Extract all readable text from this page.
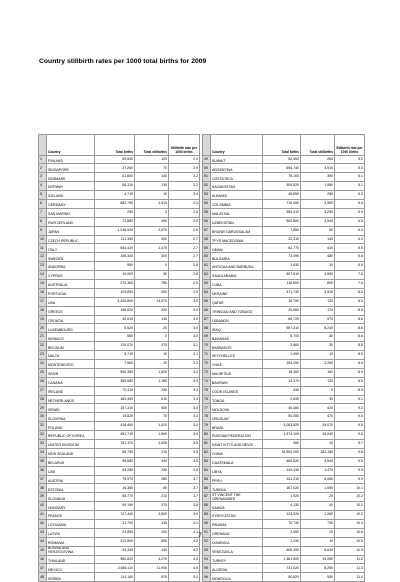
Country stillbirth rates per 1000 total births for 2009
	Country	Total births	Total stillbirths	Stillbirth rate per 1000 births
1	FINLAND	59,540	120	2.0
2	SINGAPORE	37,260	70	2.0
3	DENMARK	61,800	140	2.2
4	NORWAY	58,310	130	2.2
5	ICELAND	4,710	10	2.4
6	GERMANY	682,790	1,610	2.4
7	SAN MARINO	290	0	2.5
8	SWITZERLAND	72,880	190	2.5
9	JAPAN	1,016,920	2,670	2.6
10	CZECH REPUBLIC	111,330	300	2.7
11	ITALY	544,320	1,470	2.7
12	SWEDEN	108,340	300	2.7
13	ANDORRA	950	0	2.8
14	CYPRUS	10,000	30	2.8
15	AUSTRALIA	270,360	780	2.9
16	PORTUGAL	103,690	300	2.9
17	USA	4,425,800	13,070	3.0
18	GREECE	106,620	320	3.0
19	CROATIA	42,610	130	3.0
20	LUXEMBOURG	5,520	20	3.0
21	MONACO	850	0	3.0
22	BELGIUM	120,070	370	3.1
23	MALTA	3,710	10	3.1
24	MONTENEGRO	7,560	20	3.2
25	SPAIN	500,350	1,620	3.2
26	CANADA	359,080	1,180	3.3
27	IRELAND	70,110	230	3.3
28	NETHERLANDS	183,490	610	3.3
29	ISRAEL	157,310	530	3.4
30	SLOVENIA	19,820	70	3.4
31	POLAND	416,460	1,420	3.4
32	REPUBLIC OF KOREA	451,710	1,560	3.5
33	UNITED KINGDOM	751,370	2,630	3.5
34	NEW ZEALAND	58,790	210	3.5
35	BELARUS	96,680	340	3.5
36	UAE	63,280	230	3.6
37	AUSTRIA	75,970	280	3.7
38	ESTONIA	16,380	60	3.7
39	SLOVAKIA	55,770	210	3.7
40	HUNGARY	99,190	370	3.8
41	FRANCE	747,440	2,800	3.9
42	LITHUANIA	31,700	130	4.1
43	LATVIA	23,590	100	4.1
44	ROMANIA	212,800	890	4.2
45	BOSNIA AND HERZEGOVINA	34,340	140	4.2
46	THAILAND	980,820	4,270	4.4
47	MEXICO	2,636,110	11,940	4.5
48	SERBIA	114,160	570	5.0
	Country	Total births	Total stillbirths	Stillbirth rate per 1000 births
49	KUWAIT	52,400	260	5.0
50	ARGENTINA	694,740	3,510	5.0
51	COSTA RICA	76,100	390	5.1
52	KAZAKHSTAN	309,520	1,580	5.1
53	ALBANIA	46,850	250	5.3
54	COLOMBIA	715,450	3,950	5.5
55	MALAYSIA	553,410	3,290	5.9
56	UZBEKISTAN	562,800	3,540	6.3
57	BRUNEI DARUSSALAM	7,850	50	6.4
58	TFYR MACEDONIA	22,310	140	6.4
59	OMAN	62,770	410	6.5
60	BULGARIA	73,490	480	6.6
61	ANTIGUA AND BARBUDA	1,630	10	6.9
62	SAUDI ARABIA	597,810	4,550	7.6
63	CUBA	118,800	890	7.6
64	UKRAINE	471,730	3,920	8.3
65	QATAR	15,790	130	8.4
66	TRINIDAD AND TOBAGO	20,060	170	8.5
67	LEBANON	66,720	570	8.6
68	IRAQ	957,310	8,240	8.6
69	BAHAMAS	5,700	50	8.6
70	BARBADOS	2,860	30	8.8
71	SEYCHELLES	1,390	10	8.9
72	CHILE	254,290	2,260	8.9
73	MAURITIUS	18,360	160	8.9
74	BAHRAIN	14,370	130	8.9
75	COOK ISLANDS	430	0	8.9
76	TONGA	2,830	30	9.1
77	MOLDOVA	45,480	420	9.2
78	URUGUAY	50,450	470	9.3
79	BRAZIL	3,053,520	29,070	9.5
80	RUSSIAN FEDERATION	1,574,100	15,040	9.6
81	SAINT KITTS AND NEVIS	960	10	9.7
82	CHINA	18,500,000	182,150	9.8
83	GUATEMALA	460,820	4,540	9.9
84	LIBYA	149,130	1,470	9.9
85	PERU	611,210	6,060	9.9
86	TUNISIA	167,020	1,690	10.1
87	ST VINCENT THE GRENADINES	1,920	20	10.2
88	SAMOA	4,130	40	10.2
89	KYRGYZSTAN	123,020	1,260	10.2
90	PANAMA	70,740	730	10.3
91	GRENADA	2,050	20	10.6
92	DOMINICA	1,240	10	10.9
93	VENEZUELA	606,300	6,610	10.9
94	TURKEY	1,361,500	15,260	11.2
95	ALGERIA	731,020	8,250	11.3
96	MONGOLIA	50,820	580	11.4
7
